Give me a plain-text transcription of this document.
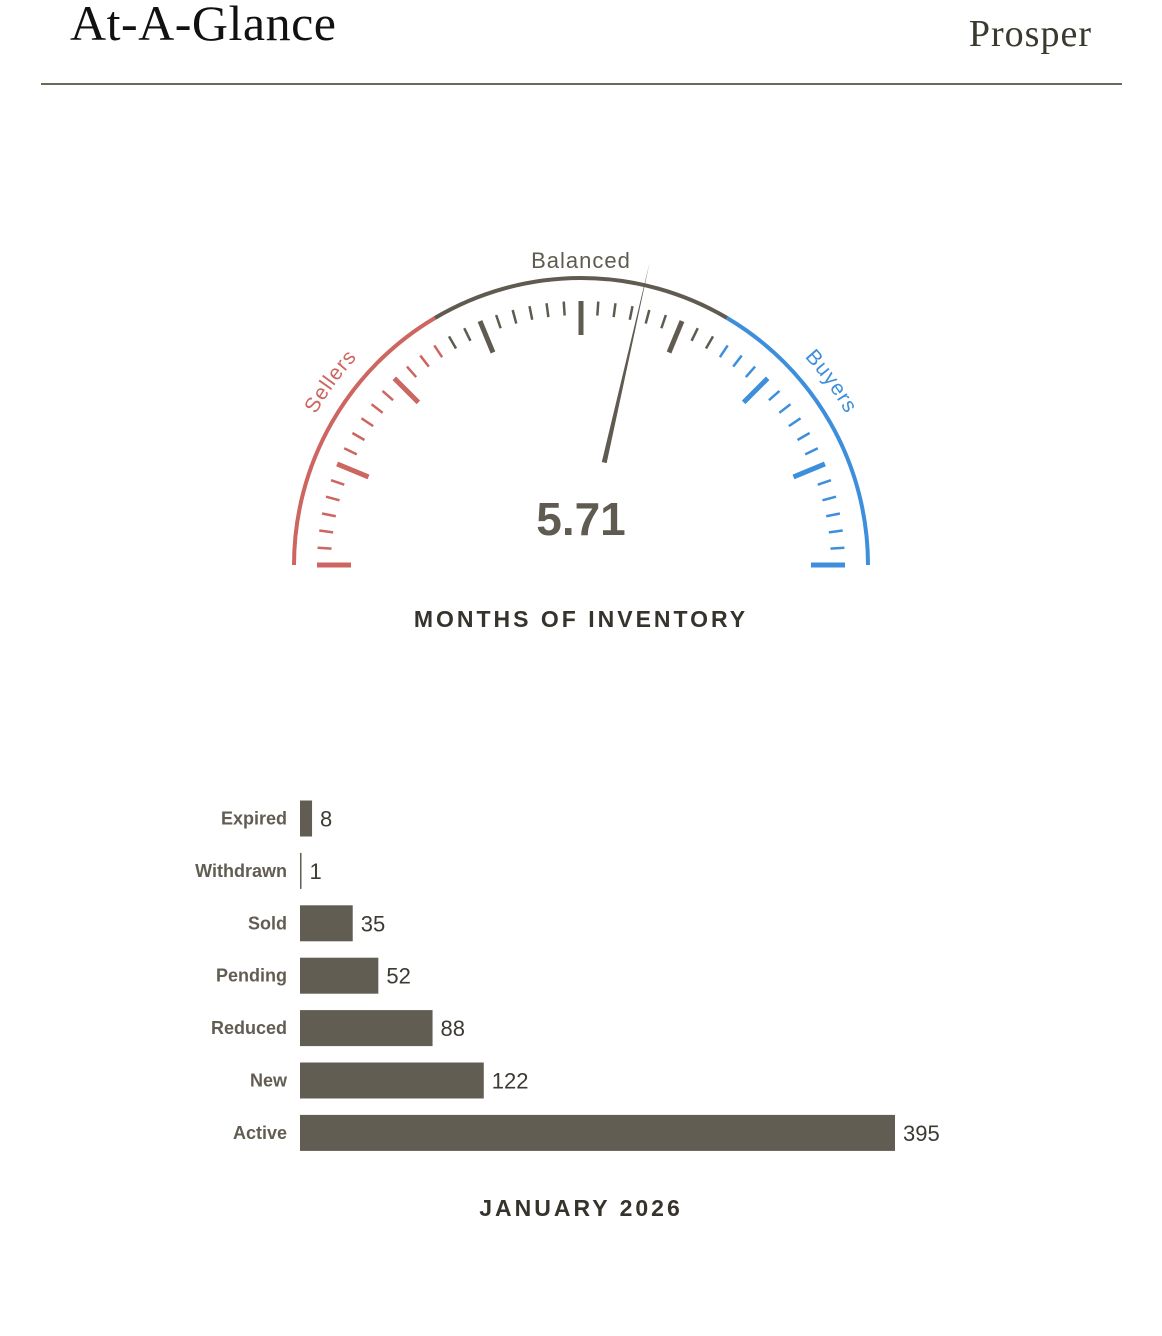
At-A-Glance	Prosper
Sellers	Buyers
Balanced
5.71
MONTHS OF INVENTORY
Expired 8
Withdrawn 1
Sold	35
Pending	52
Reduced	88
New	122
Active	395
JANUARY 2026
